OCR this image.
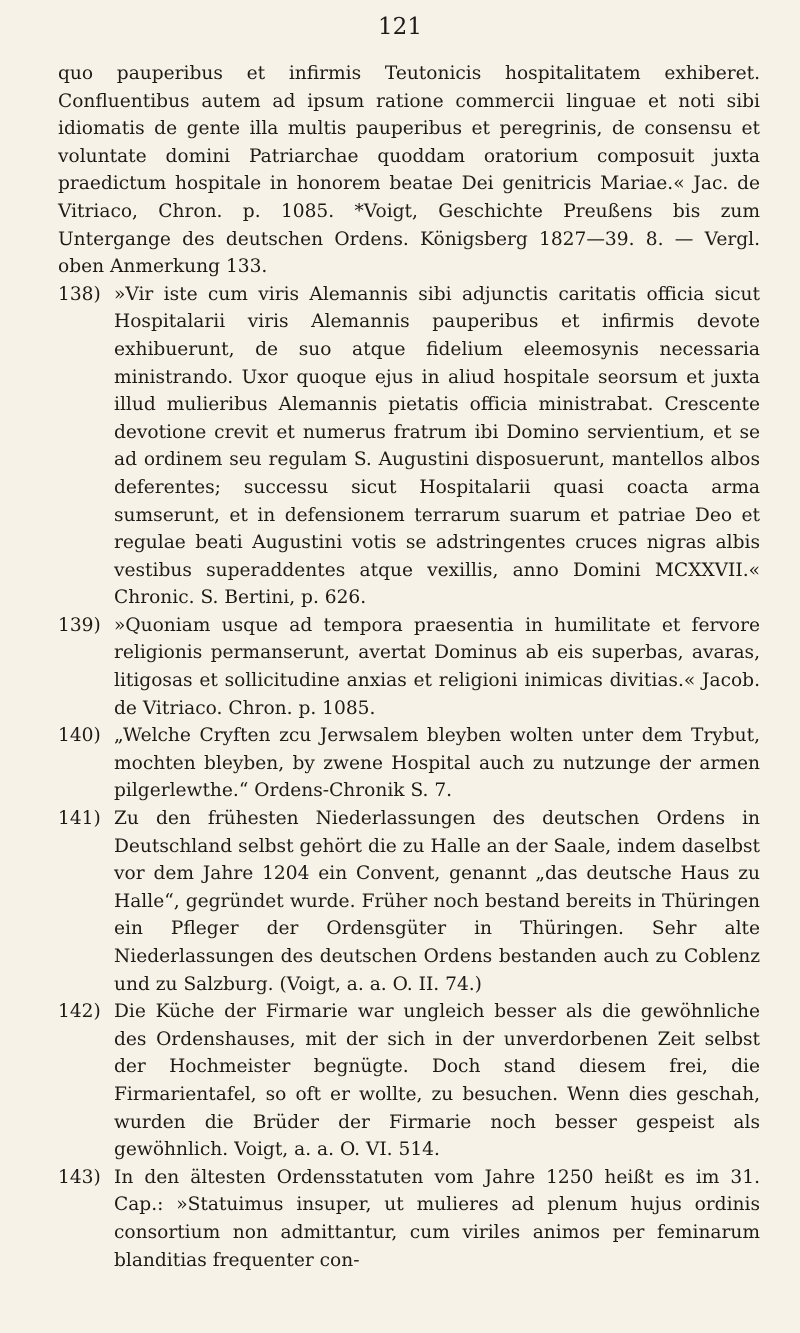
121

quo pauperibus et infirmis Teutonicis hospitalitatem exhiberet. Confluentibus autem ad ipsum ratione commercii linguae et noti sibi idiomatis de gente illa multis pauperibus et peregrinis, de consensu et voluntate domini Patriarchae quoddam oratorium composuit juxta praedictum hospitale in honorem beatae Dei genitricis Mariae.« Jac. de Vitriaco, Chron. p. 1085. *Voigt, Geschichte Preußens bis zum Untergange des deutschen Ordens. Königsberg 1827—39. 8. — Vergl. oben Anmerkung 133.

138) »Vir iste cum viris Alemannis sibi adjunctis caritatis officia sicut Hospitalarii viris Alemannis pauperibus et infirmis devote exhibuerunt, de suo atque fidelium eleemosynis necessaria ministrando. Uxor quoque ejus in aliud hospitale seorsum et juxta illud mulieribus Alemannis pietatis officia ministrabat. Crescente devotione crevit et numerus fratrum ibi Domino servientium, et se ad ordinem seu regulam S. Augustini disposuerunt, mantellos albos deferentes; successu sicut Hospitalarii quasi coacta arma sumserunt, et in defensionem terrarum suarum et patriae Deo et regulae beati Augustini votis se adstringentes cruces nigras albis vestibus superaddentes atque vexillis, anno Domini MCXXVII.« Chronic. S. Bertini, p. 626.

139) »Quoniam usque ad tempora praesentia in humilitate et fervore religionis permanserunt, avertat Dominus ab eis superbas, avaras, litigosas et sollicitudine anxias et religioni inimicas divitias.« Jacob. de Vitriaco. Chron. p. 1085.

140) „Welche Cryften zcu Jerwsalem bleyben wolten unter dem Trybut, mochten bleyben, by zwene Hospital auch zu nutzunge der armen pilgerlewthe.“ Ordens-Chronik S. 7.

141) Zu den frühesten Niederlassungen des deutschen Ordens in Deutschland selbst gehört die zu Halle an der Saale, indem daselbst vor dem Jahre 1204 ein Convent, genannt „das deutsche Haus zu Halle“, gegründet wurde. Früher noch bestand bereits in Thüringen ein Pfleger der Ordensgüter in Thüringen. Sehr alte Niederlassungen des deutschen Ordens bestanden auch zu Coblenz und zu Salzburg. (Voigt, a. a. O. II. 74.)

142) Die Küche der Firmarie war ungleich besser als die gewöhnliche des Ordenshauses, mit der sich in der unverdorbenen Zeit selbst der Hochmeister begnügte. Doch stand diesem frei, die Firmarientafel, so oft er wollte, zu besuchen. Wenn dies geschah, wurden die Brüder der Firmarie noch besser gespeist als gewöhnlich. Voigt, a. a. O. VI. 514.

143) In den ältesten Ordensstatuten vom Jahre 1250 heißt es im 31. Cap.: »Statuimus insuper, ut mulieres ad plenum hujus ordinis consortium non admittantur, cum viriles animos per feminarum blanditias frequenter con-
